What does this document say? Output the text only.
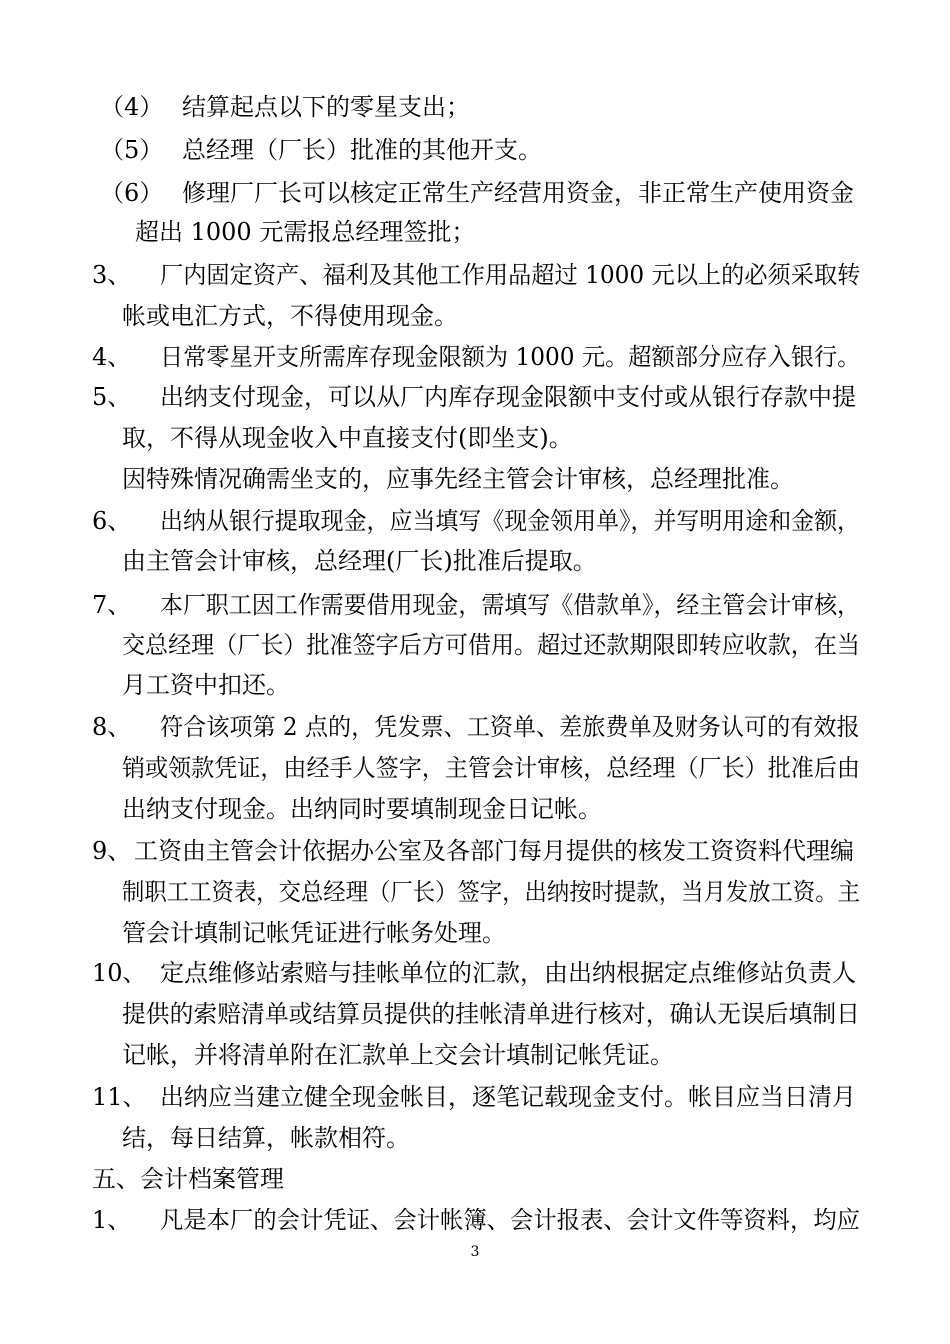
（4） 结算起点以下的零星支出；
（5） 总经理（厂长）批准的其他开支。
（6） 修理厂厂长可以核定正常生产经营用资金，非正常生产使用资金
超出 1000 元需报总经理签批；
3、 厂内固定资产、福利及其他工作用品超过 1000 元以上的必须采取转
帐或电汇方式，不得使用现金。
4、 日常零星开支所需库存现金限额为 1000 元。超额部分应存入银行。
5、 出纳支付现金，可以从厂内库存现金限额中支付或从银行存款中提
取，不得从现金收入中直接支付(即坐支)。
因特殊情况确需坐支的，应事先经主管会计审核，总经理批准。
6、 出纳从银行提取现金，应当填写《现金领用单》，并写明用途和金额，
由主管会计审核，总经理(厂长)批准后提取。
7、 本厂职工因工作需要借用现金，需填写《借款单》，经主管会计审核，
交总经理（厂长）批准签字后方可借用。超过还款期限即转应收款，在当
月工资中扣还。
8、 符合该项第 2 点的，凭发票、工资单、差旅费单及财务认可的有效报
销或领款凭证，由经手人签字，主管会计审核，总经理（厂长）批准后由
出纳支付现金。出纳同时要填制现金日记帐。
9、 工资由主管会计依据办公室及各部门每月提供的核发工资资料代理编
制职工工资表，交总经理（厂长）签字，出纳按时提款，当月发放工资。主
管会计填制记帐凭证进行帐务处理。
10、 定点维修站索赔与挂帐单位的汇款，由出纳根据定点维修站负责人
提供的索赔清单或结算员提供的挂帐清单进行核对，确认无误后填制日
记帐，并将清单附在汇款单上交会计填制记帐凭证。
11、 出纳应当建立健全现金帐目，逐笔记载现金支付。帐目应当日清月
结，每日结算，帐款相符。
五、会计档案管理
1、 凡是本厂的会计凭证、会计帐簿、会计报表、会计文件等资料，均应
3
